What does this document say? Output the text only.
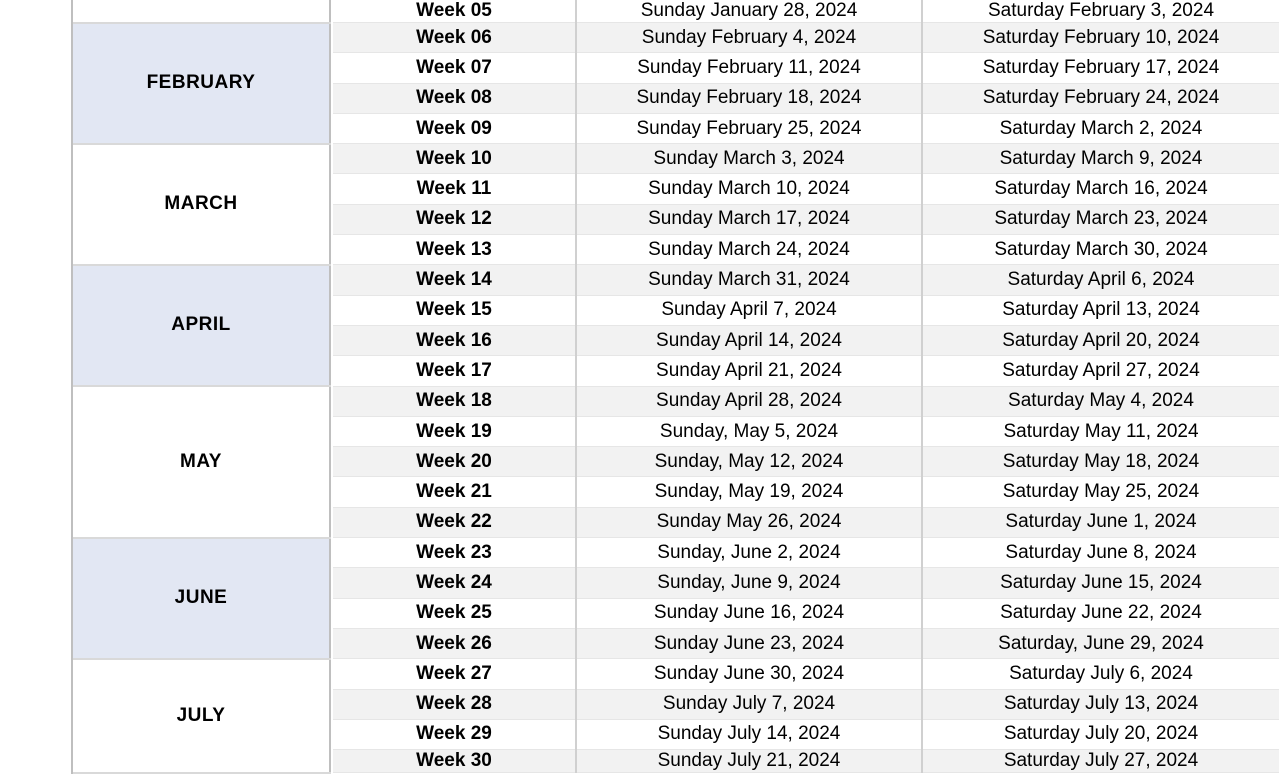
			Week 05	Sunday January 28, 2024	Saturday February 3, 2024
	FEBRUARY		Week 06	Sunday February 4, 2024	Saturday February 10, 2024
			Week 07	Sunday February 11, 2024	Saturday February 17, 2024
			Week 08	Sunday February 18, 2024	Saturday February 24, 2024
			Week 09	Sunday February 25, 2024	Saturday March 2, 2024
	MARCH		Week 10	Sunday March 3, 2024	Saturday March 9, 2024
			Week 11	Sunday March 10, 2024	Saturday March 16, 2024
			Week 12	Sunday March 17, 2024	Saturday March 23, 2024
			Week 13	Sunday March 24, 2024	Saturday March 30, 2024
	APRIL		Week 14	Sunday March 31, 2024	Saturday April 6, 2024
			Week 15	Sunday April 7, 2024	Saturday April 13, 2024
			Week 16	Sunday April 14, 2024	Saturday April 20, 2024
			Week 17	Sunday April 21, 2024	Saturday April 27, 2024
	MAY		Week 18	Sunday April 28, 2024	Saturday May 4, 2024
			Week 19	Sunday, May 5, 2024	Saturday May 11, 2024
			Week 20	Sunday, May 12, 2024	Saturday May 18, 2024
			Week 21	Sunday, May 19, 2024	Saturday May 25, 2024
			Week 22	Sunday May 26, 2024	Saturday June 1, 2024
	JUNE		Week 23	Sunday, June 2, 2024	Saturday June 8, 2024
			Week 24	Sunday, June 9, 2024	Saturday June 15, 2024
			Week 25	Sunday June 16, 2024	Saturday June 22, 2024
			Week 26	Sunday June 23, 2024	Saturday, June 29, 2024
	JULY		Week 27	Sunday June 30, 2024	Saturday July 6, 2024
			Week 28	Sunday July 7, 2024	Saturday July 13, 2024
			Week 29	Sunday July 14, 2024	Saturday July 20, 2024
			Week 30	Sunday July 21, 2024	Saturday July 27, 2024
